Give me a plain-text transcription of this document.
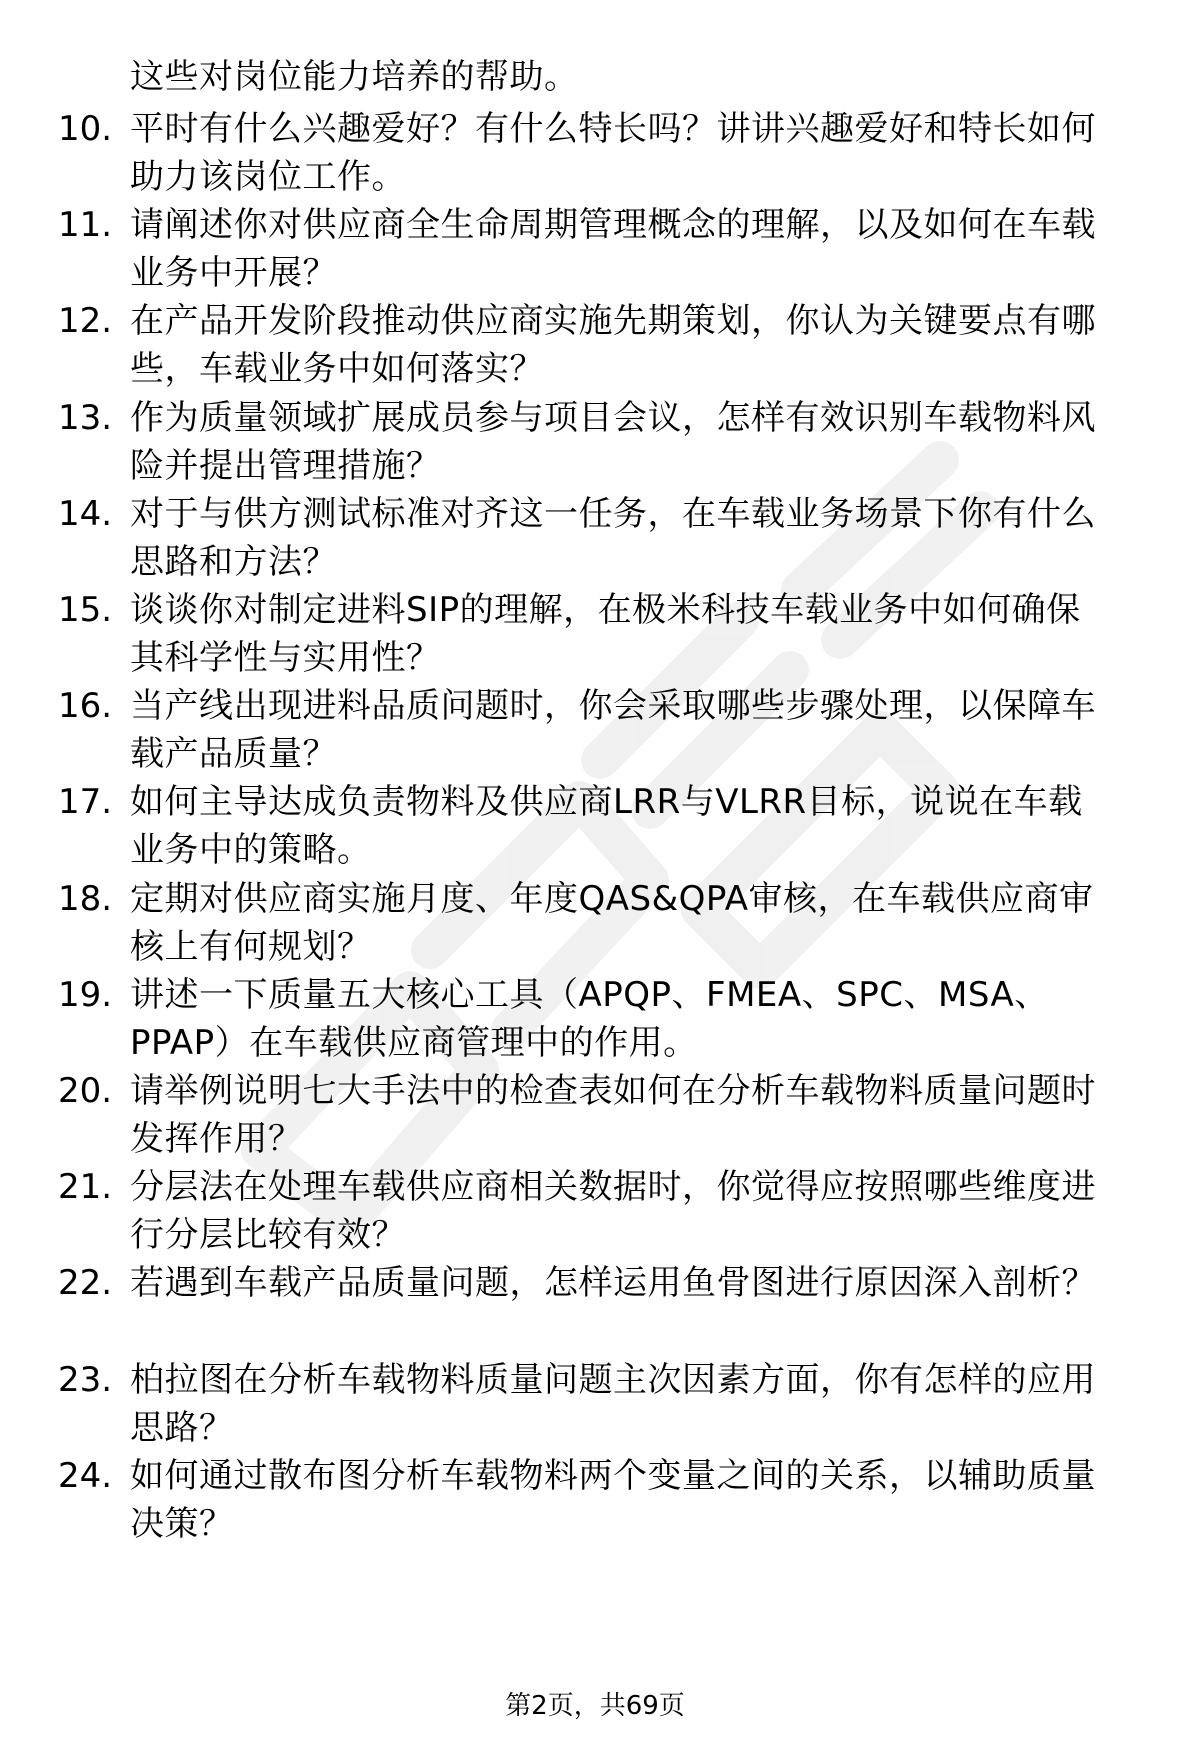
这些对岗位能力培养的帮助。
10. 平时有什么兴趣爱好？有什么特长吗？讲讲兴趣爱好和特长如何
助力该岗位工作。
11. 请阐述你对供应商全生命周期管理概念的理解，以及如何在车载
业务中开展？
12. 在产品开发阶段推动供应商实施先期策划，你认为关键要点有哪
些，车载业务中如何落实？
13. 作为质量领域扩展成员参与项目会议，怎样有效识别车载物料风
险并提出管理措施？
14. 对于与供方测试标准对齐这一任务，在车载业务场景下你有什么
思路和方法？
15. 谈谈你对制定进料SIP的理解，在极米科技车载业务中如何确保
其科学性与实用性？
16. 当产线出现进料品质问题时，你会采取哪些步骤处理，以保障车
载产品质量？
17. 如何主导达成负责物料及供应商LRR与VLRR目标，说说在车载
业务中的策略。
18. 定期对供应商实施月度、年度QAS&QPA审核，在车载供应商审
核上有何规划？
19. 讲述一下质量五大核心工具（APQP、FMEA、SPC、MSA、
PPAP）在车载供应商管理中的作用。
20. 请举例说明七大手法中的检查表如何在分析车载物料质量问题时
发挥作用？
21. 分层法在处理车载供应商相关数据时，你觉得应按照哪些维度进
行分层比较有效？
22. 若遇到车载产品质量问题，怎样运用鱼骨图进行原因深入剖析？
23. 柏拉图在分析车载物料质量问题主次因素方面，你有怎样的应用
思路？
24. 如何通过散布图分析车载物料两个变量之间的关系，以辅助质量
决策？
第2页，共69页
